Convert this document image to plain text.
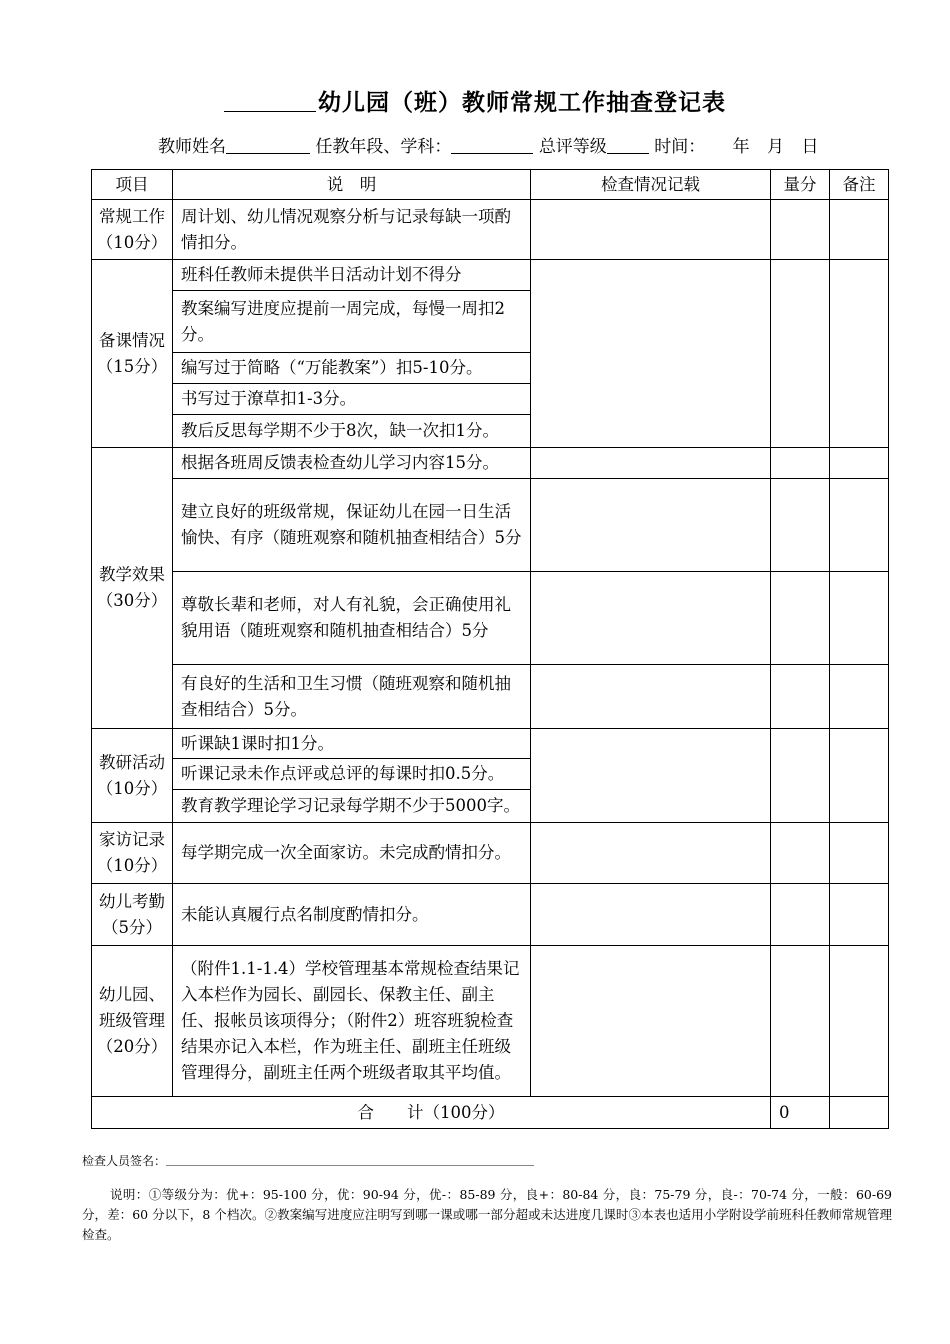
幼儿园（班）教师常规工作抽查登记表
教师姓名	任教年段、学科：	总评等级	时间： 年 月 日
项目	说　明	检查情况记载	量分	备注

常规工作
（10分）	周计划、幼儿情况观察分析与记录每缺一项酌情扣分。			

备课情况
（15分）	班科任教师未提供半日活动计划不得分			
	教案编写进度应提前一周完成，每慢一周扣2分。			
	编写过于简略（“万能教案”）扣5-10分。			
	书写过于潦草扣1-3分。			
	教后反思每学期不少于8次，缺一次扣1分。			

教学效果
（30分）	根据各班周反馈表检查幼儿学习内容15分。			
	建立良好的班级常规，保证幼儿在园一日生活愉快、有序（随班观察和随机抽查相结合）5分			
	尊敬长辈和老师，对人有礼貌，会正确使用礼貌用语（随班观察和随机抽查相结合）5分			
	有良好的生活和卫生习惯（随班观察和随机抽查相结合）5分。			

教研活动
（10分）	听课缺1课时扣1分。			
	听课记录未作点评或总评的每课时扣0.5分。			
	教育教学理论学习记录每学期不少于5000字。			

家访记录
（10分）	每学期完成一次全面家访。未完成酌情扣分。			

幼儿考勤
（5分）	未能认真履行点名制度酌情扣分。			

幼儿园、班级管理
（20分）	（附件1.1-1.4）学校管理基本常规检查结果记入本栏作为园长、副园长、保教主任、副主任、报帐员该项得分；（附件2）班容班貌检查结果亦记入本栏，作为班主任、副班主任班级管理得分，副班主任两个班级者取其平均值。			
合　　计（100分）			0	
检查人员签名：
说明：①等级分为：优+：95-100 分，优：90-94 分，优-：85-89 分，良+：80-84 分，良：75-79 分，良-：70-74 分，一般：60-69 分，差：60 分以下，8 个档次。②教案编写进度应注明写到哪一课或哪一部分超或未达进度几课时③本表也适用小学附设学前班科任教师常规管理检查。
